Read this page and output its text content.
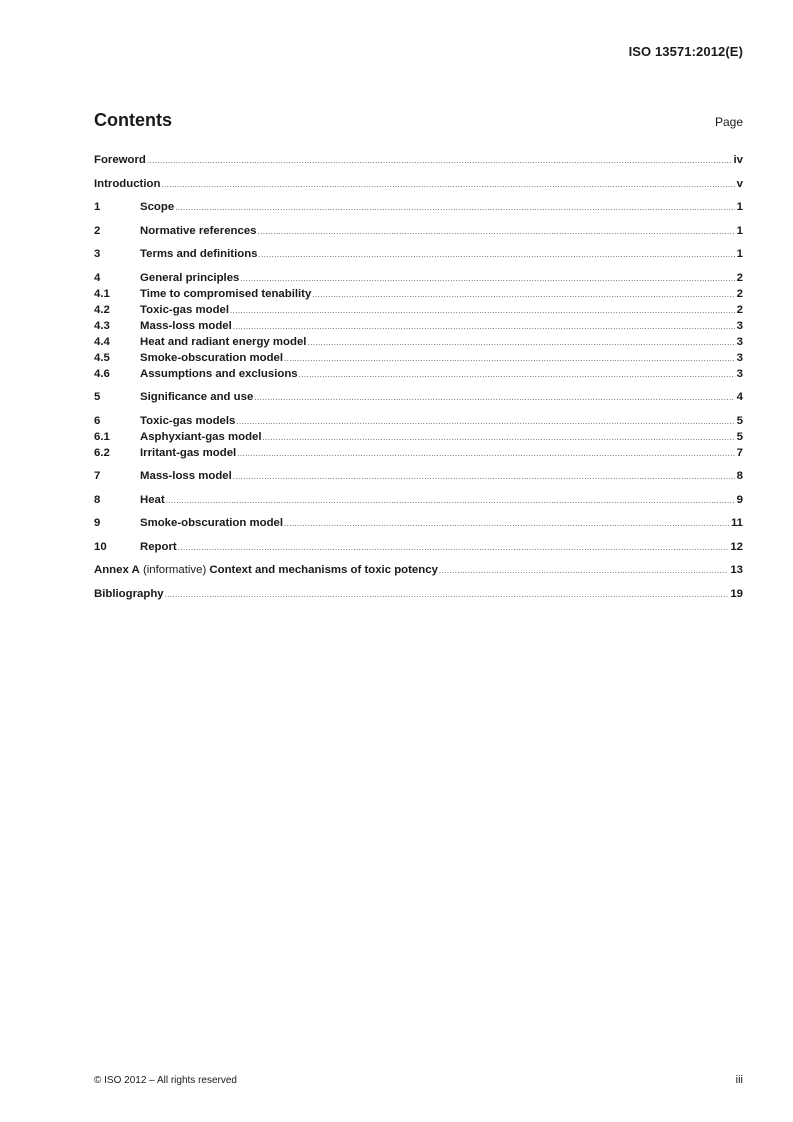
ISO 13571:2012(E)
Contents	Page
Foreword .....	iv
Introduction .....	v
1	Scope .....	1
2	Normative references .....	1
3	Terms and definitions .....	1
4	General principles .....	2
4.1	Time to compromised tenability .....	2
4.2	Toxic-gas model .....	2
4.3	Mass-loss model .....	3
4.4	Heat and radiant energy model .....	3
4.5	Smoke-obscuration model .....	3
4.6	Assumptions and exclusions .....	3
5	Significance and use .....	4
6	Toxic-gas models .....	5
6.1	Asphyxiant-gas model .....	5
6.2	Irritant-gas model .....	7
7	Mass-loss model .....	8
8	Heat .....	9
9	Smoke-obscuration model .....	11
10	Report .....	12
Annex A (informative) Context and mechanisms of toxic potency .....	13
Bibliography .....	19
© ISO 2012 – All rights reserved	iii
